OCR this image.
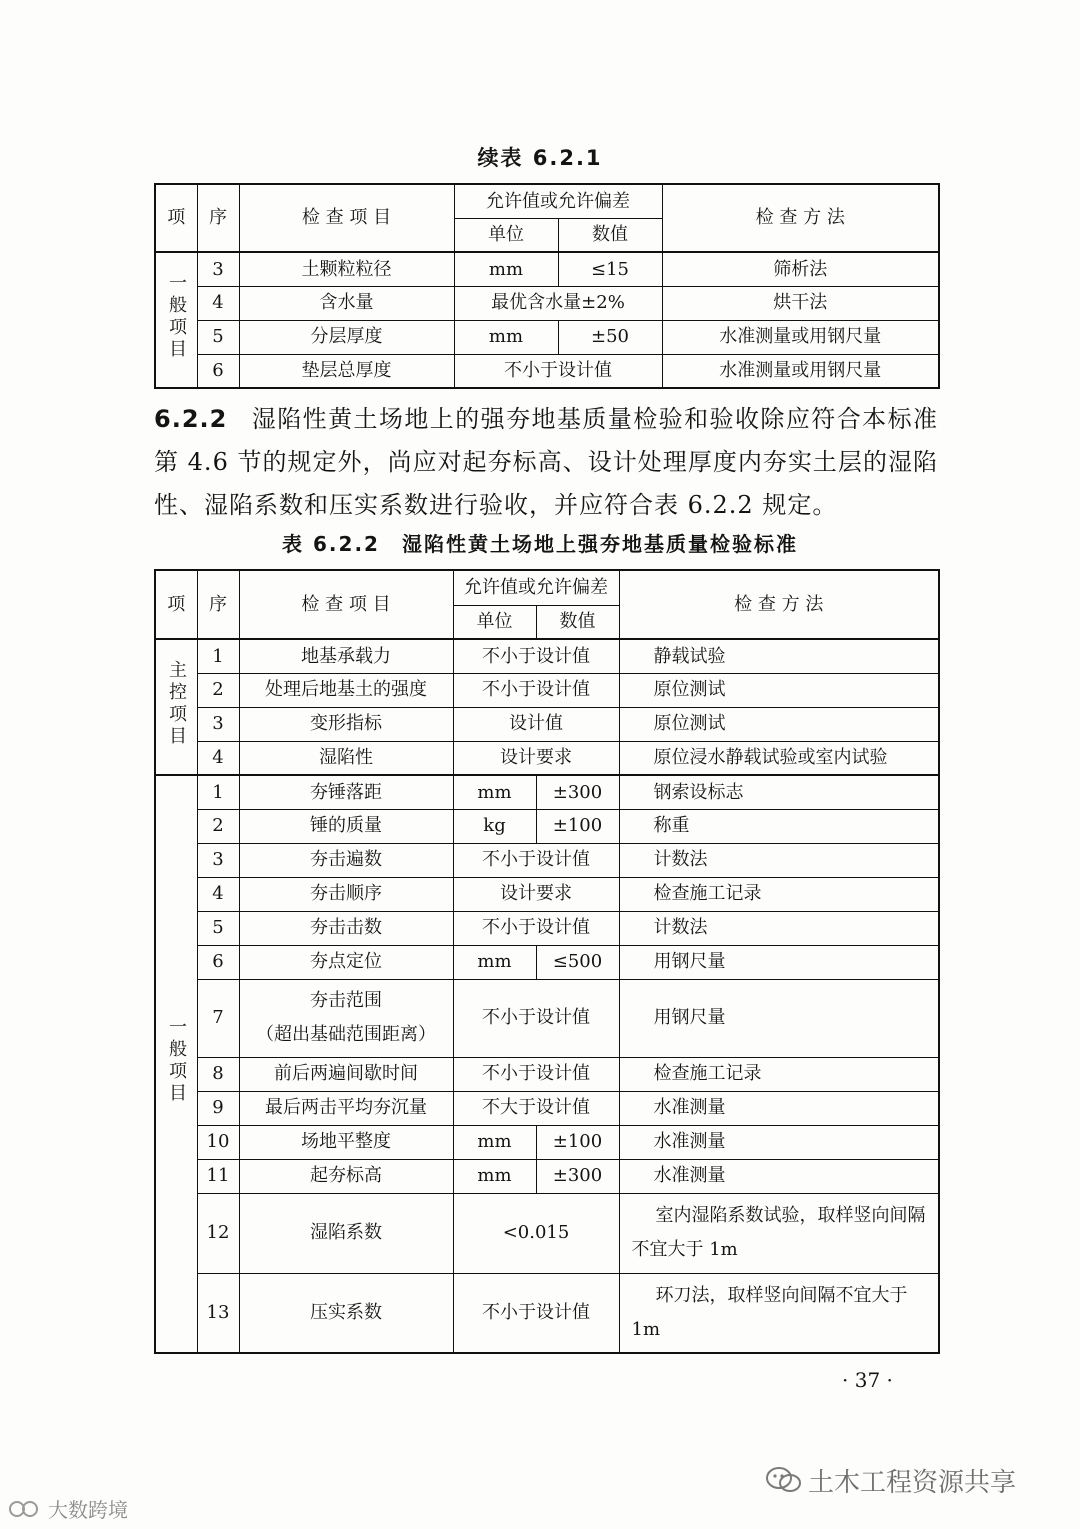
续表 6.2.1
项	序	检 查 项 目	允许值或允许偏差		检 查 方 法
			单位	数值	
一般项目	3	土颗粒粒径	mm	≤15	筛析法
	4	含水量	最优含水量±2%		烘干法
	5	分层厚度	mm	±50	水准测量或用钢尺量
	6	垫层总厚度	不小于设计值		水准测量或用钢尺量
6.2.2 湿陷性黄土场地上的强夯地基质量检验和验收除应符合本标准第 4.6 节的规定外，尚应对起夯标高、设计处理厚度内夯实土层的湿陷性、湿陷系数和压实系数进行验收，并应符合表 6.2.2 规定。
表 6.2.2　湿陷性黄土场地上强夯地基质量检验标准
项	序	检 查 项 目	允许值或允许偏差		检 查 方 法
			单位	数值	
主控项目	1	地基承载力	不小于设计值		静载试验
	2	处理后地基土的强度	不小于设计值		原位测试
	3	变形指标	设计值		原位测试
	4	湿陷性	设计要求		原位浸水静载试验或室内试验
一般项目	1	夯锤落距	mm	±300	钢索设标志
	2	锤的质量	kg	±100	称重
	3	夯击遍数	不小于设计值		计数法
	4	夯击顺序	设计要求		检查施工记录
	5	夯击击数	不小于设计值		计数法
	6	夯点定位	mm	≤500	用钢尺量
	7	夯击范围
（超出基础范围距离）	不小于设计值		用钢尺量
	8	前后两遍间歇时间	不小于设计值		检查施工记录
	9	最后两击平均夯沉量	不大于设计值		水准测量
	10	场地平整度	mm	±100	水准测量
	11	起夯标高	mm	±300	水准测量
	12	湿陷系数	<0.015		室内湿陷系数试验，取样竖向间隔不宜大于 1m
	13	压实系数	不小于设计值		环刀法，取样竖向间隔不宜大于 1m
· 37 ·
土木工程资源共享
大数跨境
